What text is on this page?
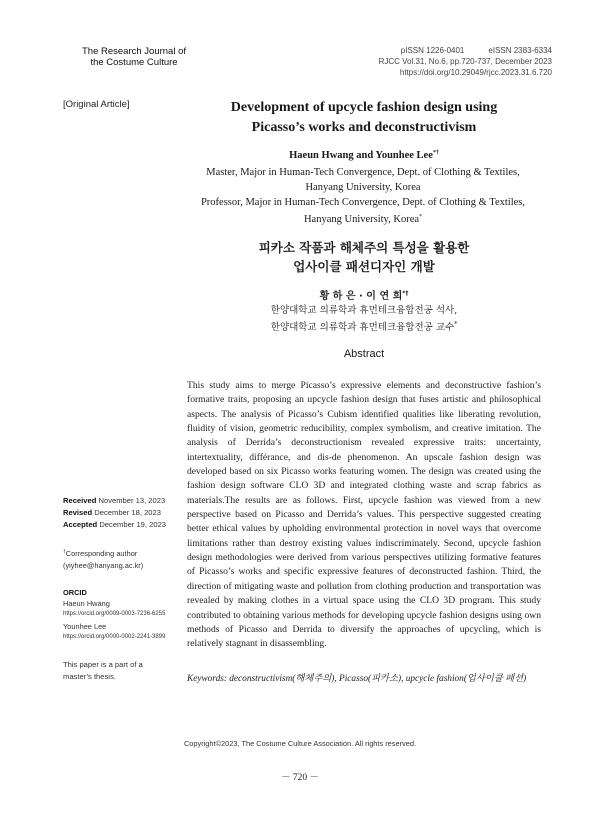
The Research Journal of
the Costume Culture
pISSN 1226-0401	eISSN 2383-6334
RJCC Vol.31, No.6, pp.720-737, December 2023
https://doi.org/10.29049/rjcc.2023.31.6.720
[Original Article]	Development of upcycle fashion design using
Picasso’s works and deconstructivism
Haeun Hwang and Younhee Lee*†
Master, Major in Human-Tech Convergence, Dept. of Clothing & Textiles,
Hanyang University, Korea
Professor, Major in Human-Tech Convergence, Dept. of Clothing & Textiles,
Hanyang University, Korea*
피카소 작품과 해체주의 특성을 활용한
업사이클 패션디자인 개발
황 하 은 · 이 연 희*†
한양대학교 의류학과 휴먼테크융합전공 석사,
한양대학교 의류학과 휴먼테크융합전공 교수*
Abstract
This study aims to merge Picasso’s expressive elements and deconstructive fashion’s formative traits, proposing an upcycle fashion design that fuses artistic and philosophical aspects. The analysis of Picasso’s Cubism identified qualities like liberating revolution, fluidity of vision, geometric reducibility, complex symbolism, and creative imitation. The analysis of Derrida’s deconstructionism revealed expressive traits: uncertainty, intertextuality, différance, and dis-de phenomenon. An upscale fashion design was developed based on six Picasso works featuring women. The design was created using the fashion design software CLO 3D and integrated clothing waste and scrap fabrics as materials.The results are as follows. First, upcycle fashion was viewed from a new perspective based on Picasso and Derrida’s values. This perspective suggested creating better ethical values by upholding environmental protection in novel ways that overcome limitations rather than destroy existing values indiscriminately. Second, upcycle fashion design methodologies were derived from various perspectives utilizing formative features of Picasso’s works and specific expressive features of deconstructed fashion. Third, the direction of mitigating waste and pollution from clothing production and transportation was revealed by making clothes in a virtual space using the CLO 3D program. This study contributed to obtaining various methods for developing upcycle fashion designs using own methods of Picasso and Derrida to diversify the approaches of upcycling, which is relatively stagnant in disassembling.
Keywords: deconstructivism(해체주의), Picasso(피카소), upcycle fashion(업사이클 패션)
Received November 13, 2023
Revised December 18, 2023
Accepted December 19, 2023
†Corresponding author
(yiyhee@hanyang.ac.kr)
ORCID
Haeun Hwang
https://orcid.org/0009-0003-7236-6255
Younhee Lee
https://orcid.org/0000-0002-2241-3899
This paper is a part of a
master’s thesis.
Copyright©2023, The Costume Culture Association. All rights reserved.
－ 720 －
